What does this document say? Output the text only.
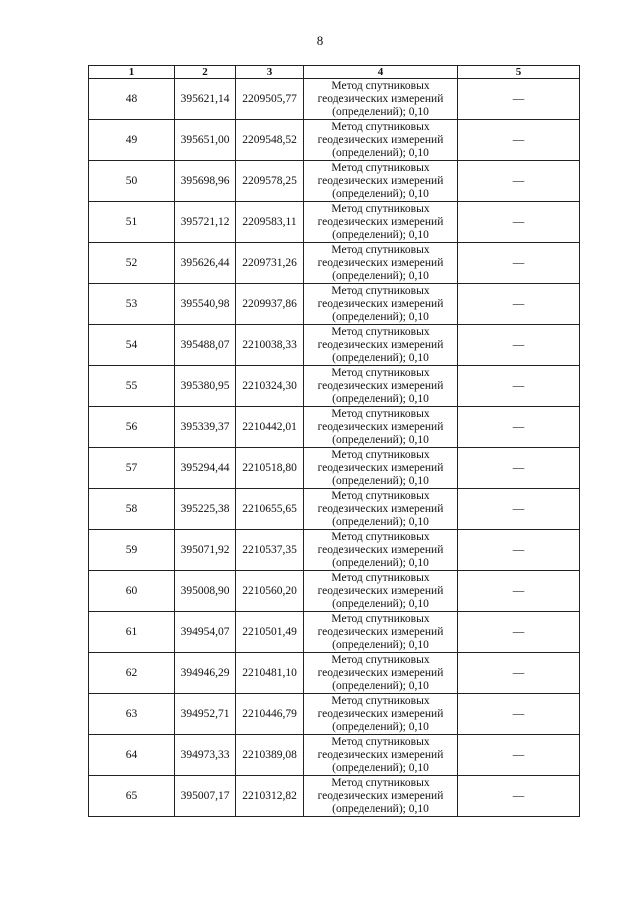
8
1	2	3	4	5
48	395621,14	2209505,77	Метод спутниковых
геодезических измерений
(определений); 0,10	—
49	395651,00	2209548,52	Метод спутниковых
геодезических измерений
(определений); 0,10	—
50	395698,96	2209578,25	Метод спутниковых
геодезических измерений
(определений); 0,10	—
51	395721,12	2209583,11	Метод спутниковых
геодезических измерений
(определений); 0,10	—
52	395626,44	2209731,26	Метод спутниковых
геодезических измерений
(определений); 0,10	—
53	395540,98	2209937,86	Метод спутниковых
геодезических измерений
(определений); 0,10	—
54	395488,07	2210038,33	Метод спутниковых
геодезических измерений
(определений); 0,10	—
55	395380,95	2210324,30	Метод спутниковых
геодезических измерений
(определений); 0,10	—
56	395339,37	2210442,01	Метод спутниковых
геодезических измерений
(определений); 0,10	—
57	395294,44	2210518,80	Метод спутниковых
геодезических измерений
(определений); 0,10	—
58	395225,38	2210655,65	Метод спутниковых
геодезических измерений
(определений); 0,10	—
59	395071,92	2210537,35	Метод спутниковых
геодезических измерений
(определений); 0,10	—
60	395008,90	2210560,20	Метод спутниковых
геодезических измерений
(определений); 0,10	—
61	394954,07	2210501,49	Метод спутниковых
геодезических измерений
(определений); 0,10	—
62	394946,29	2210481,10	Метод спутниковых
геодезических измерений
(определений); 0,10	—
63	394952,71	2210446,79	Метод спутниковых
геодезических измерений
(определений); 0,10	—
64	394973,33	2210389,08	Метод спутниковых
геодезических измерений
(определений); 0,10	—
65	395007,17	2210312,82	Метод спутниковых
геодезических измерений
(определений); 0,10	—
